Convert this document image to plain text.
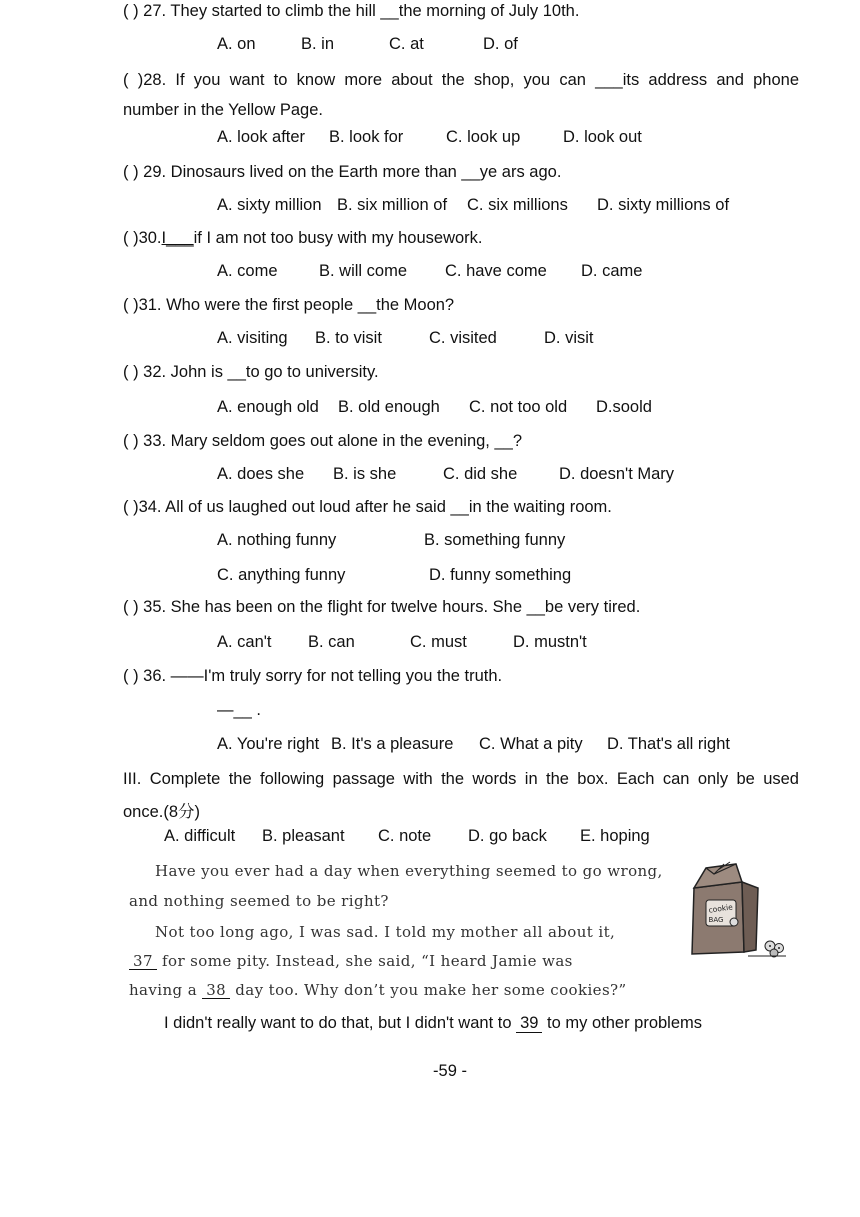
( ) 27. They started to climb the hill __the morning of July 10th.
A. on	B. in	C. at	D. of
( )28. If you want to know more about the shop, you can ___its address and phone
number in the Yellow Page.
A. look after B. look for	C. look up	D. look out
( ) 29. Dinosaurs lived on the Earth more than __ye ars ago.
A. sixty million B. six million of C. six millions D. sixty millions of
( )30.I___if I am not too busy with my housework.
A. come	B. will come C. have come D. came
( )31. Who were the first people __the Moon?
A. visiting B. to visit	C. visited	D. visit
( ) 32. John is __to go to university.
A. enough old B. old enough C. not too old D.soold
( ) 33. Mary seldom goes out alone in the evening, __?
A. does she B. is she	C. did she	D. doesn't Mary
( )34. All of us laughed out loud after he said __in the waiting room.
A. nothing funny	B. something funny
C. anything funny	D. funny something
( ) 35. She has been on the flight for twelve hours. She __be very tired.
A. can't B. can	C. must	D. mustn't
( ) 36. ——I'm truly sorry for not telling you the truth.
—__ .
A. You're right	C. What a pity D. That's all right
B. It's a pleasure
III. Complete the following passage with the words in the box. Each can only be used
once.(8分)
A. difficult B. pleasant C. note D. go back E. hoping
Have you ever had a day when everything seemed to go wrong,
and nothing seemed to be right?
Not too long ago, I was sad. I told my mother all about it,
37 for some pity. Instead, she said, “I heard Jamie was
having a 38 day too. Why don’t you make her some cookies?”
cookie
BAG
I didn't really want to do that, but I didn't want to 39 to my other problems
-59 -
